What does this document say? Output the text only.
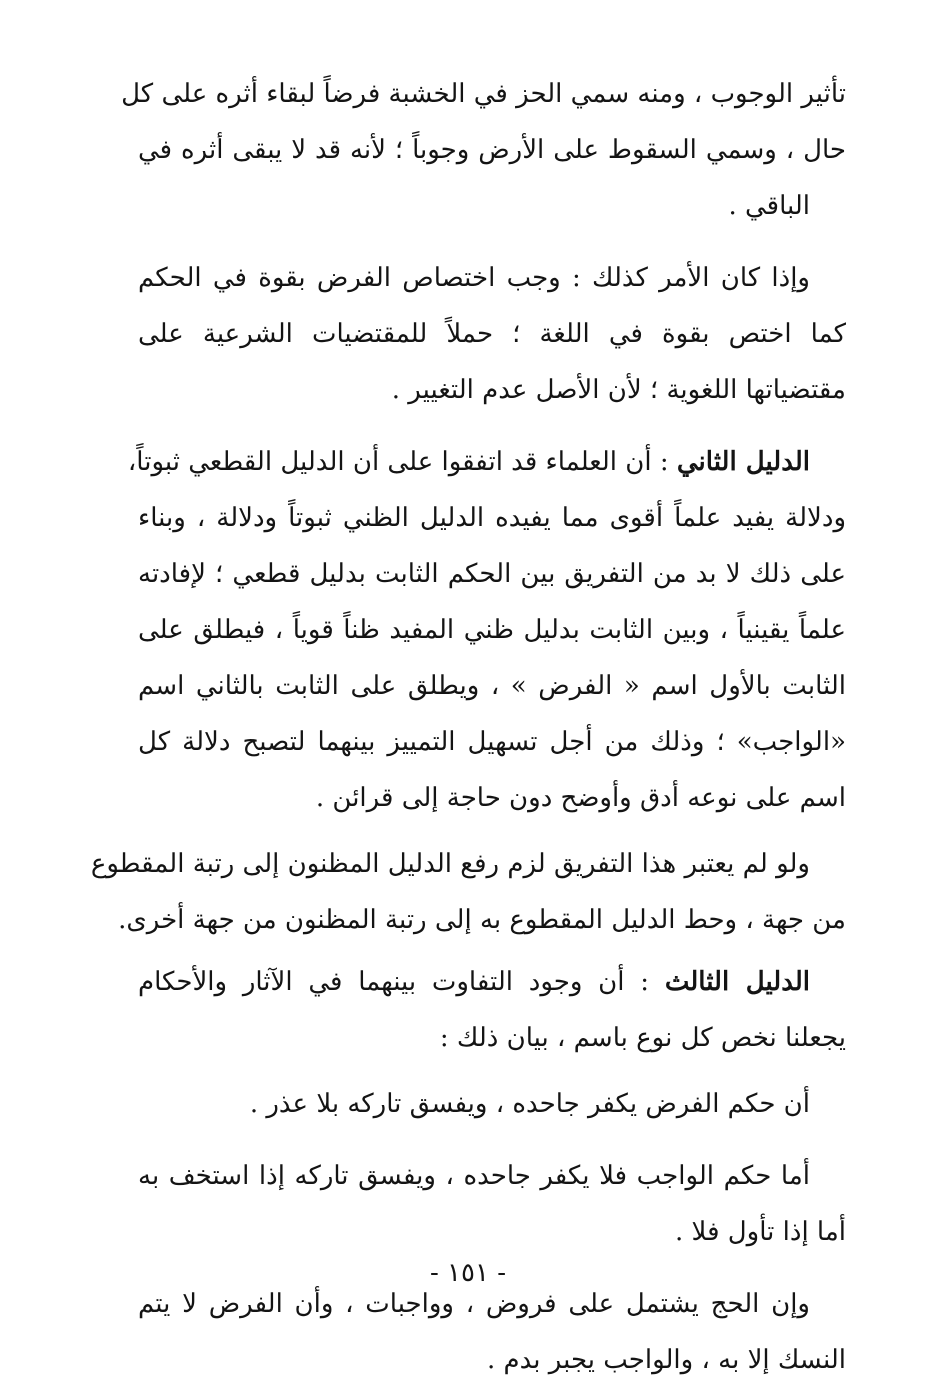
تأثير الوجوب ، ومنه سمي الحز في الخشبة فرضاً لبقاء أثره على كل
حال ، وسمي السقوط على الأرض وجوباً ؛ لأنه قد لا يبقى أثره في
الباقي .
وإذا كان الأمر كذلك : وجب اختصاص الفرض بقوة في الحكم
كما اختص بقوة في اللغة ؛ حملاً للمقتضيات الشرعية على
مقتضياتها اللغوية ؛ لأن الأصل عدم التغيير .
الدليل الثاني : أن العلماء قد اتفقوا على أن الدليل القطعي ثبوتاً،
ودلالة يفيد علماً أقوى مما يفيده الدليل الظني ثبوتاً ودلالة ، وبناء
على ذلك لا بد من التفريق بين الحكم الثابت بدليل قطعي ؛ لإفادته
علماً يقينياً ، وبين الثابت بدليل ظني المفيد ظناً قوياً ، فيطلق على
الثابت بالأول اسم « الفرض » ، ويطلق على الثابت بالثاني اسم
«الواجب» ؛ وذلك من أجل تسهيل التمييز بينهما لتصبح دلالة كل
اسم على نوعه أدق وأوضح دون حاجة إلى قرائن .
ولو لم يعتبر هذا التفريق لزم رفع الدليل المظنون إلى رتبة المقطوع
من جهة ، وحط الدليل المقطوع به إلى رتبة المظنون من جهة أخرى.
الدليل الثالث : أن وجود التفاوت بينهما في الآثار والأحكام
يجعلنا نخص كل نوع باسم ، بيان ذلك :
أن حكم الفرض يكفر جاحده ، ويفسق تاركه بلا عذر .
أما حكم الواجب فلا يكفر جاحده ، ويفسق تاركه إذا استخف به
أما إذا تأول فلا .
وإن الحج يشتمل على فروض ، وواجبات ، وأن الفرض لا يتم
النسك إلا به ، والواجب يجبر بدم .
- ١٥١ -
